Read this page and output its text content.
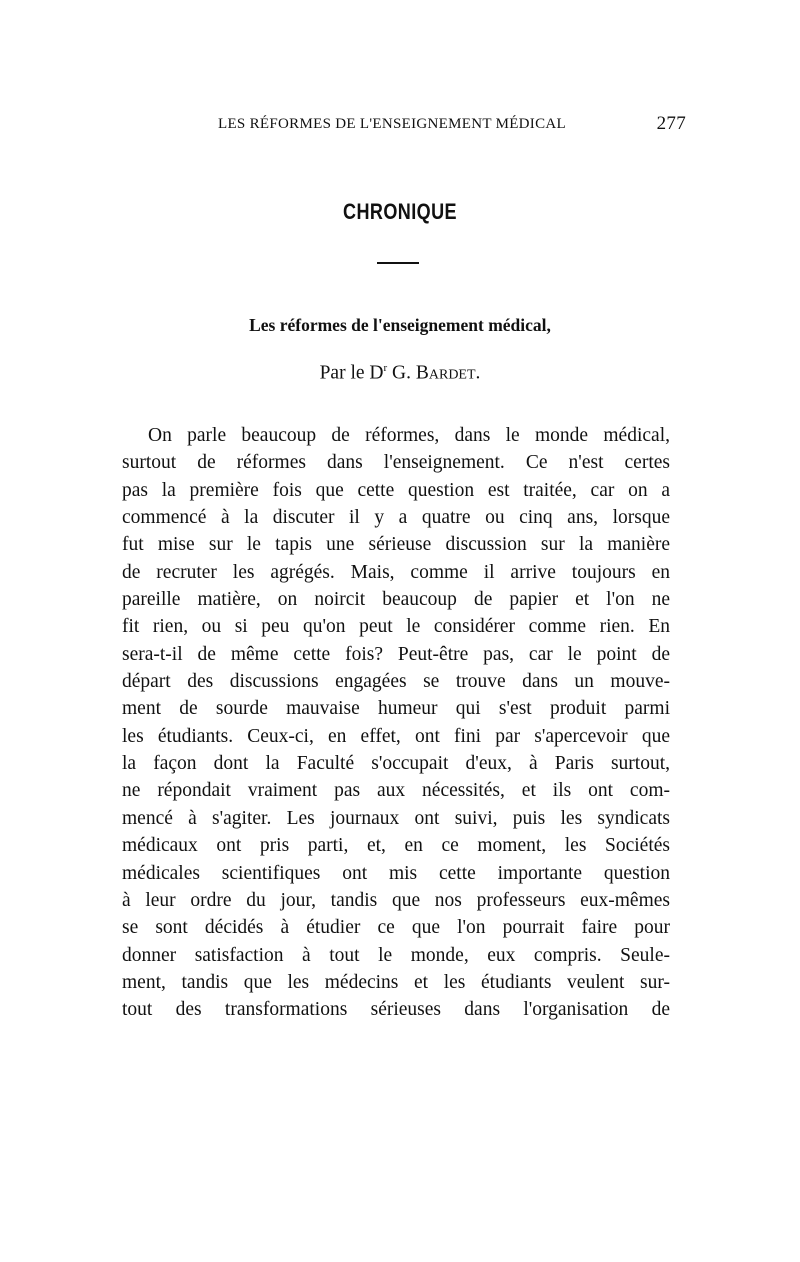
LES RÉFORMES DE L'ENSEIGNEMENT MÉDICAL	277
CHRONIQUE
Les réformes de l'enseignement médical,
Par le $D^r$ G. Bardet.
On parle beaucoup de réformes, dans le monde médical,
surtout de réformes dans l'enseignement. Ce n'est certes
pas la première fois que cette question est traitée, car on a
commencé à la discuter il y a quatre ou cinq ans, lorsque
fut mise sur le tapis une sérieuse discussion sur la manière
de recruter les agrégés. Mais, comme il arrive toujours en
pareille matière, on noircit beaucoup de papier et l'on ne
fit rien, ou si peu qu'on peut le considérer comme rien. En
sera-t-il de même cette fois? Peut-être pas, car le point de
départ des discussions engagées se trouve dans un mouve-
ment de sourde mauvaise humeur qui s'est produit parmi
les étudiants. Ceux-ci, en effet, ont fini par s'apercevoir que
la façon dont la Faculté s'occupait d'eux, à Paris surtout,
ne répondait vraiment pas aux nécessités, et ils ont com-
mencé à s'agiter. Les journaux ont suivi, puis les syndicats
médicaux ont pris parti, et, en ce moment, les Sociétés
médicales scientifiques ont mis cette importante question
à leur ordre du jour, tandis que nos professeurs eux-mêmes
se sont décidés à étudier ce que l'on pourrait faire pour
donner satisfaction à tout le monde, eux compris. Seule-
ment, tandis que les médecins et les étudiants veulent sur-
tout des transformations sérieuses dans l'organisation de
